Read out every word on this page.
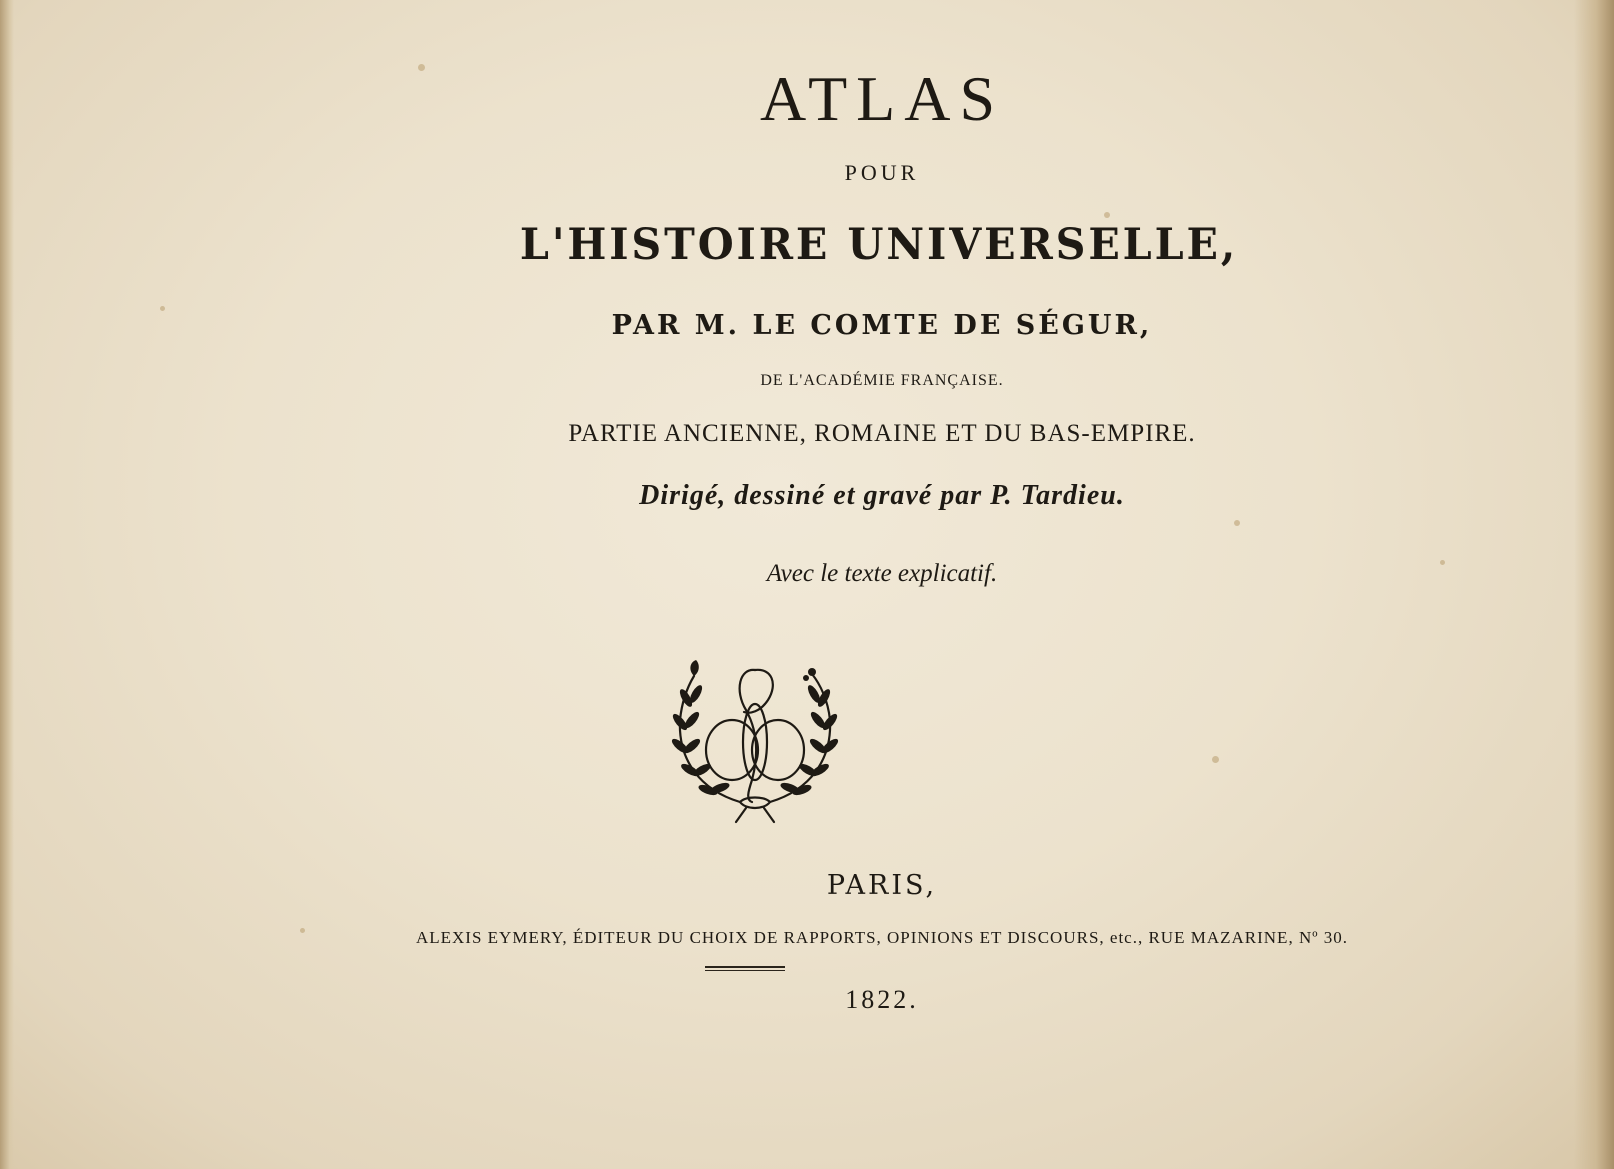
ATLAS
POUR
L'HISTOIRE UNIVERSELLE,
PAR M. LE COMTE DE SÉGUR,
DE L'ACADÉMIE FRANÇAISE.
PARTIE ANCIENNE, ROMAINE ET DU BAS-EMPIRE.
Dirigé, dessiné et gravé par P. Tardieu.
Avec le texte explicatif.
PARIS,
ALEXIS EYMERY, ÉDITEUR DU CHOIX DE RAPPORTS, OPINIONS ET DISCOURS, etc., RUE MAZARINE, Nº 30.
1822.
